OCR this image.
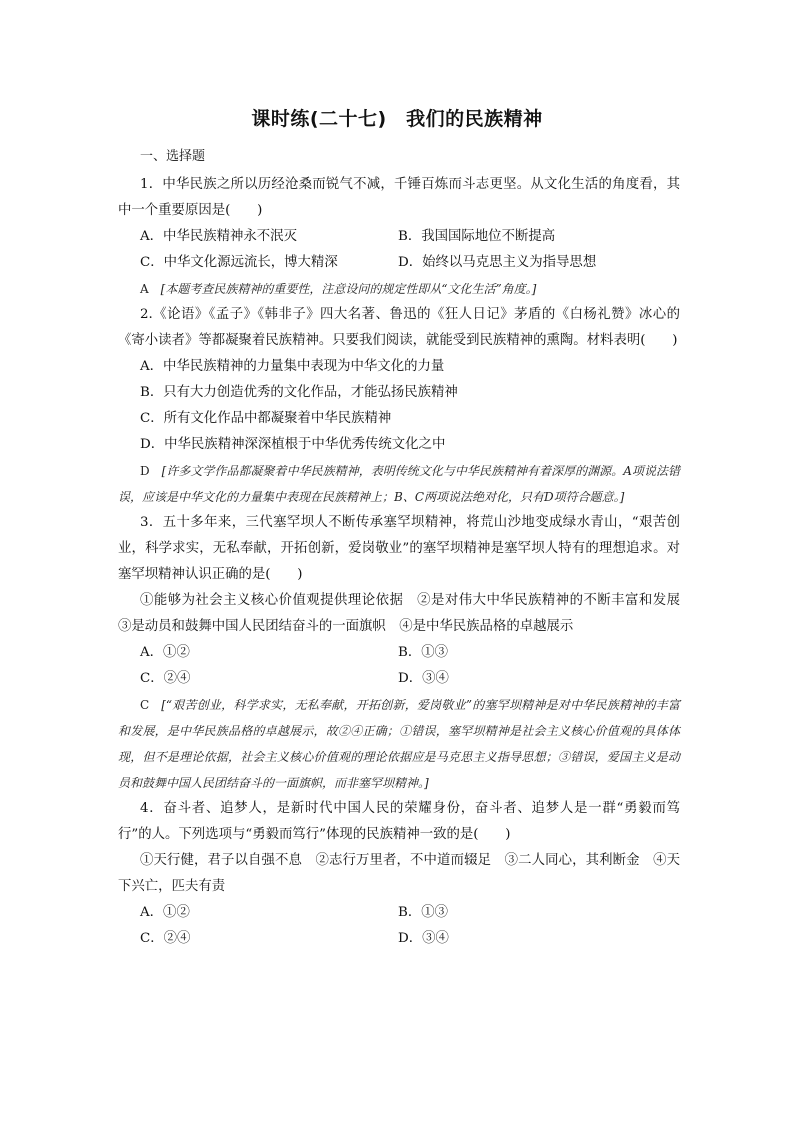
课时练(二十七)　我们的民族精神
一、选择题
1．中华民族之所以历经沧桑而锐气不减，千锤百炼而斗志更坚。从文化生活的角度看，其中一个重要原因是(　　)
A．中华民族精神永不泯灭	B．我国国际地位不断提高
C．中华文化源远流长，博大精深	D．始终以马克思主义为指导思想
A [本题考查民族精神的重要性，注意设问的规定性即从“文化生活”角度。]
2.《论语》《孟子》《韩非子》四大名著、鲁迅的《狂人日记》茅盾的《白杨礼赞》冰心的《寄小读者》等都凝聚着民族精神。只要我们阅读，就能受到民族精神的熏陶。材料表明(　　)
A．中华民族精神的力量集中表现为中华文化的力量
B．只有大力创造优秀的文化作品，才能弘扬民族精神
C．所有文化作品中都凝聚着中华民族精神
D．中华民族精神深深植根于中华优秀传统文化之中
D [许多文学作品都凝聚着中华民族精神，表明传统文化与中华民族精神有着深厚的渊源。A项说法错误，应该是中华文化的力量集中表现在民族精神上；B、C两项说法绝对化，只有D项符合题意。]
3．五十多年来，三代塞罕坝人不断传承塞罕坝精神，将荒山沙地变成绿水青山，“艰苦创业，科学求实，无私奉献，开拓创新，爱岗敬业”的塞罕坝精神是塞罕坝人特有的理想追求。对塞罕坝精神认识正确的是(　　)
①能够为社会主义核心价值观提供理论依据　②是对伟大中华民族精神的不断丰富和发展　③是动员和鼓舞中国人民团结奋斗的一面旗帜　④是中华民族品格的卓越展示
A．①②	B．①③
C．②④	D．③④
C [“艰苦创业，科学求实，无私奉献，开拓创新，爱岗敬业”的塞罕坝精神是对中华民族精神的丰富和发展，是中华民族品格的卓越展示，故②④正确；①错误，塞罕坝精神是社会主义核心价值观的具体体现，但不是理论依据，社会主义核心价值观的理论依据应是马克思主义指导思想；③错误，爱国主义是动员和鼓舞中国人民团结奋斗的一面旗帜，而非塞罕坝精神。]
4．奋斗者、追梦人，是新时代中国人民的荣耀身份，奋斗者、追梦人是一群“勇毅而笃行”的人。下列选项与“勇毅而笃行”体现的民族精神一致的是(　　)
①天行健，君子以自强不息　②志行万里者，不中道而辍足　③二人同心，其利断金　④天下兴亡，匹夫有责
A．①②	B．①③
C．②④	D．③④
